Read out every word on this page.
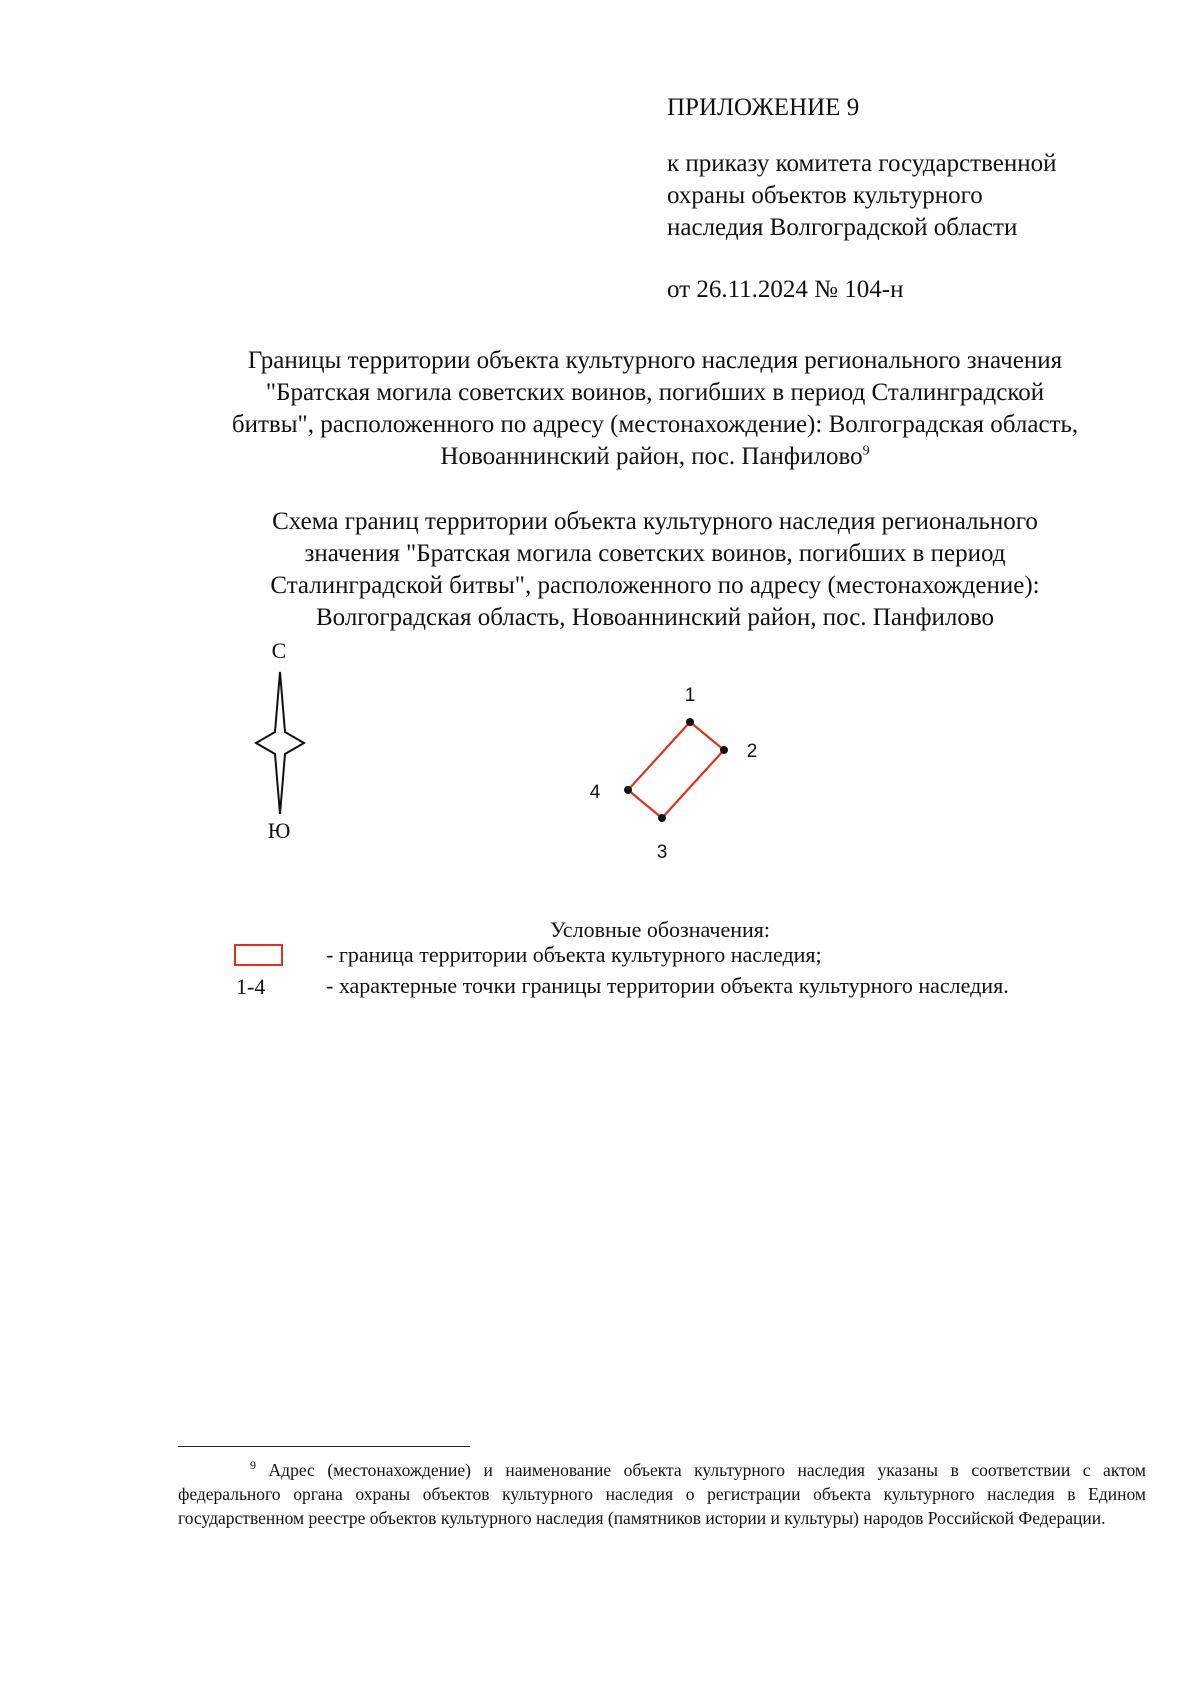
ПРИЛОЖЕНИЕ 9
к приказу комитета государственной
охраны объектов культурного
наследия Волгоградской области
от 26.11.2024 № 104-н
Границы территории объекта культурного наследия регионального значения
"Братская могила советских воинов, погибших в период Сталинградской
битвы", расположенного по адресу (местонахождение): Волгоградская область,
Новоаннинский район, пос. Панфилово$^9$
Схема границ территории объекта культурного наследия регионального
значения "Братская могила советских воинов, погибших в период
Сталинградской битвы", расположенного по адресу (местонахождение):
Волгоградская область, Новоаннинский район, пос. Панфилово
С
Ю
1
2
3
4
Условные обозначения:
- граница территории объекта культурного наследия;
1-4	- характерные точки границы территории объекта культурного наследия.
$^9$ Адрес (местонахождение) и наименование объекта культурного наследия указаны в соответствии с актом федерального органа охраны объектов культурного наследия о регистрации объекта культурного наследия в Едином государственном реестре объектов культурного наследия (памятников истории и культуры) народов Российской Федерации.
